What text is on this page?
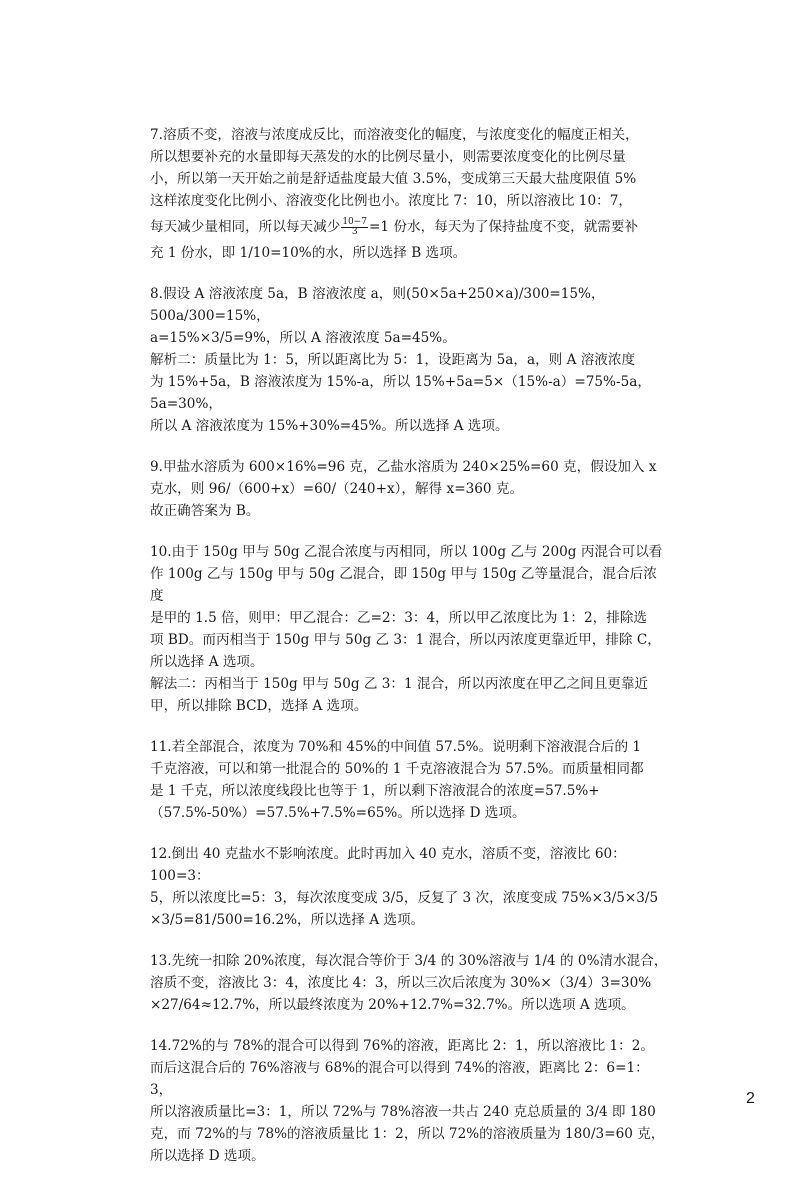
7.溶质不变，溶液与浓度成反比，而溶液变化的幅度，与浓度变化的幅度正相关，

所以想要补充的水量即每天蒸发的水的比例尽量小，则需要浓度变化的比例尽量

小，所以第一天开始之前是舒适盐度最大值 3.5%，变成第三天最大盐度限值 5%

这样浓度变化比例小、溶液变化比例也小。浓度比 7：10，所以溶液比 10：7，

每天减少量相同，所以每天减少 $\frac{10-7}{3} =1$ 份水，每天为了保持盐度不变，就需要补

充 1 份水，即 1/10=10%的水，所以选择 B 选项。

8.假设 A 溶液浓度 5a，B 溶液浓度 a，则(50×5a+250×a)/300=15%，500a/300=15%，

a=15%×3/5=9%，所以 A 溶液浓度 5a=45%。

解析二：质量比为 1：5，所以距离比为 5：1，设距离为 5a，a，则 A 溶液浓度

为 15%+5a，B 溶液浓度为 15%-a，所以 15%+5a=5×（15%-a）=75%-5a，5a=30%，

所以 A 溶液浓度为 15%+30%=45%。所以选择 A 选项。

9.甲盐水溶质为 600×16%=96 克，乙盐水溶质为 240×25%=60 克，假设加入 x

克水，则 96/（600+x）=60/（240+x），解得 x=360 克。

故正确答案为 B。

10.由于 150g 甲与 50g 乙混合浓度与丙相同，所以 100g 乙与 200g 丙混合可以看

作 100g 乙与 150g 甲与 50g 乙混合，即 150g 甲与 150g 乙等量混合，混合后浓度

是甲的 1.5 倍，则甲：甲乙混合：乙=2：3：4，所以甲乙浓度比为 1：2，排除选

项 BD。而丙相当于 150g 甲与 50g 乙 3：1 混合，所以丙浓度更靠近甲，排除 C，

所以选择 A 选项。

解法二：丙相当于 150g 甲与 50g 乙 3：1 混合，所以丙浓度在甲乙之间且更靠近

甲，所以排除 BCD，选择 A 选项。

11.若全部混合，浓度为 70%和 45%的中间值 57.5%。说明剩下溶液混合后的 1

千克溶液，可以和第一批混合的 50%的 1 千克溶液混合为 57.5%。而质量相同都

是 1 千克，所以浓度线段比也等于 1，所以剩下溶液混合的浓度=57.5%+

（57.5%-50%）=57.5%+7.5%=65%。所以选择 D 选项。

12.倒出 40 克盐水不影响浓度。此时再加入 40 克水，溶质不变，溶液比 60：100=3：

5，所以浓度比=5：3，每次浓度变成 3/5，反复了 3 次，浓度变成 75%×3/5×3/5

×3/5=81/500=16.2%，所以选择 A 选项。

13.先统一扣除 20%浓度，每次混合等价于 3/4 的 30%溶液与 1/4 的 0%清水混合，

溶质不变，溶液比 3：4，浓度比 4：3，所以三次后浓度为 30%×（3/4）3=30%

×27/64≈12.7%，所以最终浓度为 20%+12.7%=32.7%。所以选项 A 选项。

14.72%的与 78%的混合可以得到 76%的溶液，距离比 2：1，所以溶液比 1：2。

而后这混合后的 76%溶液与 68%的混合可以得到 74%的溶液，距离比 2：6=1：3，

所以溶液质量比=3：1，所以 72%与 78%溶液一共占 240 克总质量的 3/4 即 180

克，而 72%的与 78%的溶液质量比 1：2，所以 72%的溶液质量为 180/3=60 克，

所以选择 D 选项。

2
